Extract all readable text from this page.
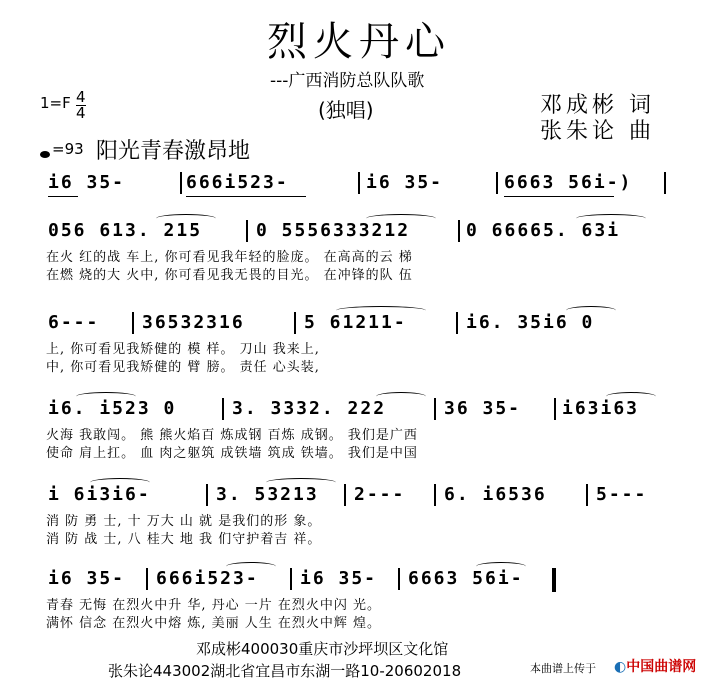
烈火丹心
---广西消防总队队歌
(独唱)
1=F 4
4	邓成彬 词
张朱论 曲
=93 阳光青春激昂地
i6 35-	666i523-	i6 35-	6663 56i-)
056 613. 215	0 5556333212	0 66665. 63i
在火 红的战 车上, 你可看见我年轻的脸庞。 在高高的云 梯
在燃 烧的大 火中, 你可看见我无畏的目光。 在冲锋的队 伍
6--- 36532316	5 61211-	i6. 35i6 0
上, 你可看见我矫健的 模 样。 刀山 我来上,
中, 你可看见我矫健的 臂 膀。 责任 心头装,
i6. i523 0	3. 3332. 222	36 35- i63i63
火海 我敢闯。 熊 熊火焰百 炼成钢 百炼 成钢。 我们是广西
使命 肩上扛。 血 肉之躯筑 成铁墙 筑成 铁墙。 我们是中国
i 6i3i6-	3. 53213 2--- 6. i6536	5---
消 防 勇 士, 十 万大 山 就 是我们的形 象。
消 防 战 士, 八 桂大 地 我 们守护着吉 祥。
i6 35- 666i523- i6 35- 6663 56i-
青春 无悔 在烈火中升 华, 丹心 一片 在烈火中闪 光。
满怀 信念 在烈火中熔 炼, 美丽 人生 在烈火中辉 煌。
邓成彬400030重庆市沙坪坝区文化馆
张朱论443002湖北省宜昌市东湖一路10-20602018	本曲谱上传于 ◐中国曲谱网
